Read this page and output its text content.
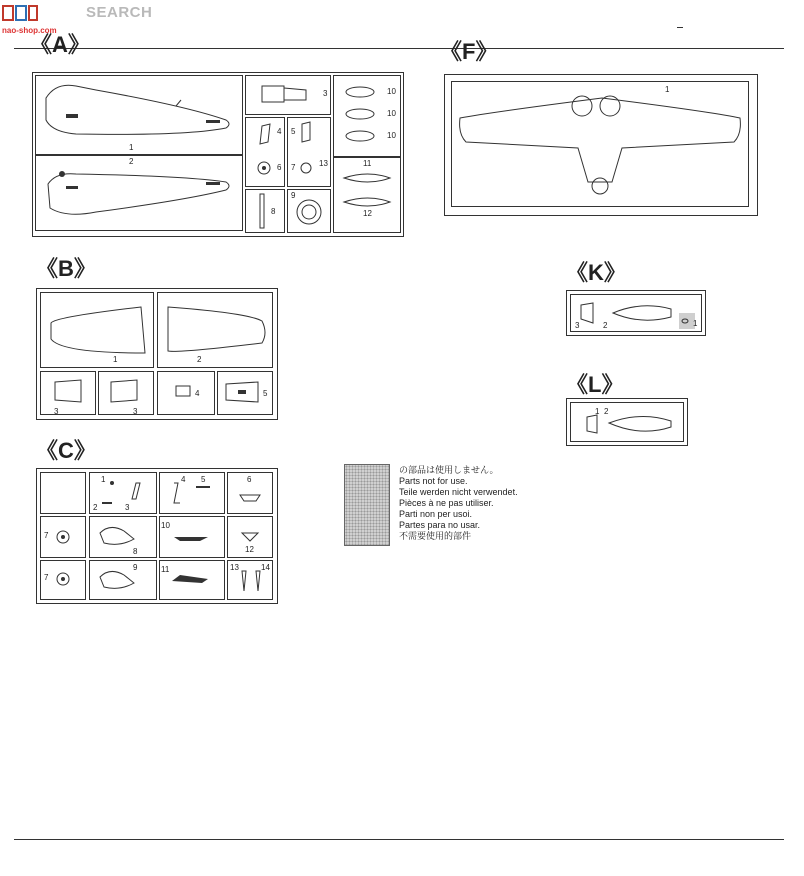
nao-shop.com
SEARCH
《A》	《F》
《B》	《K》
《L》
《C》
1
2
3
4 5
6 7
8
9
10
10
10
11
12
13
1
1	2
3	3
4	5
3	2	1
1 2
1
2	3
4 5	6
7
8
10
12
7
9	11	13	14
の部品は使用しません。
Parts not for use.
Teile werden nicht verwendet.
Pièces à ne pas utiliser.
Parti non per usoi.
Partes para no usar.
不需要使用的部件
